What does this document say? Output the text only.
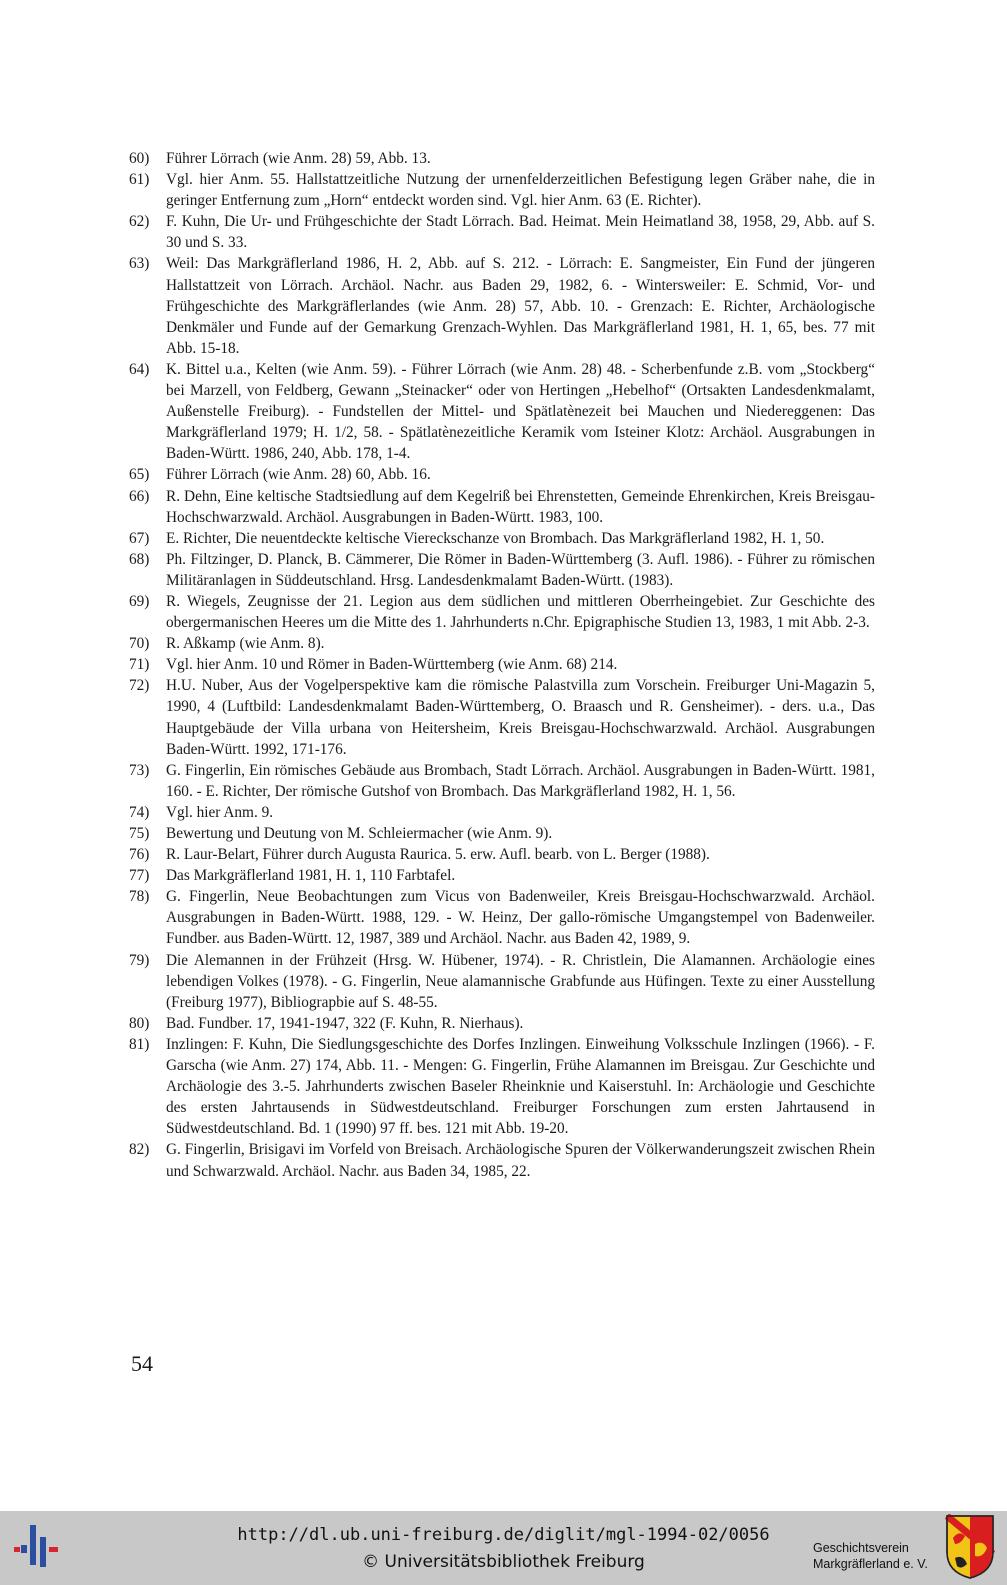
60) Führer Lörrach (wie Anm. 28) 59, Abb. 13.
61) Vgl. hier Anm. 55. Hallstattzeitliche Nutzung der urnenfelderzeitlichen Befestigung legen Gräber nahe, die in geringer Entfernung zum „Horn“ entdeckt worden sind. Vgl. hier Anm. 63 (E. Richter).
62) F. Kuhn, Die Ur- und Frühgeschichte der Stadt Lörrach. Bad. Heimat. Mein Heimatland 38, 1958, 29, Abb. auf S. 30 und S. 33.
63) Weil: Das Markgräflerland 1986, H. 2, Abb. auf S. 212. - Lörrach: E. Sangmeister, Ein Fund der jüngeren Hallstattzeit von Lörrach. Archäol. Nachr. aus Baden 29, 1982, 6. - Wintersweiler: E. Schmid, Vor- und Frühgeschichte des Markgräflerlandes (wie Anm. 28) 57, Abb. 10. - Grenzach: E. Richter, Archäologische Denkmäler und Funde auf der Gemarkung Grenzach-Wyhlen. Das Markgräflerland 1981, H. 1, 65, bes. 77 mit Abb. 15-18.
64) K. Bittel u.a., Kelten (wie Anm. 59). - Führer Lörrach (wie Anm. 28) 48. - Scherbenfunde z.B. vom „Stockberg“ bei Marzell, von Feldberg, Gewann „Steinacker“ oder von Hertingen „Hebelhof“ (Ortsakten Landesdenkmalamt, Außenstelle Freiburg). - Fundstellen der Mittel- und Spätlatènezeit bei Mauchen und Niedereggenen: Das Markgräflerland 1979; H. 1/2, 58. - Spätlatènezeitliche Keramik vom Isteiner Klotz: Archäol. Ausgrabungen in Baden-Württ. 1986, 240, Abb. 178, 1-4.
65) Führer Lörrach (wie Anm. 28) 60, Abb. 16.
66) R. Dehn, Eine keltische Stadtsiedlung auf dem Kegelriß bei Ehrenstetten, Gemeinde Ehrenkirchen, Kreis Breisgau-Hochschwarzwald. Archäol. Ausgrabungen in Baden-Württ. 1983, 100.
67) E. Richter, Die neuentdeckte keltische Viereckschanze von Brombach. Das Markgräflerland 1982, H. 1, 50.
68) Ph. Filtzinger, D. Planck, B. Cämmerer, Die Römer in Baden-Württemberg (3. Aufl. 1986). - Führer zu römischen Militäranlagen in Süddeutschland. Hrsg. Landesdenkmalamt Baden-Württ. (1983).
69) R. Wiegels, Zeugnisse der 21. Legion aus dem südlichen und mittleren Oberrheingebiet. Zur Geschichte des obergermanischen Heeres um die Mitte des 1. Jahrhunderts n.Chr. Epigraphische Studien 13, 1983, 1 mit Abb. 2-3.
70) R. Aßkamp (wie Anm. 8).
71) Vgl. hier Anm. 10 und Römer in Baden-Württemberg (wie Anm. 68) 214.
72) H.U. Nuber, Aus der Vogelperspektive kam die römische Palastvilla zum Vorschein. Freiburger Uni-Magazin 5, 1990, 4 (Luftbild: Landesdenkmalamt Baden-Württemberg, O. Braasch und R. Gensheimer). - ders. u.a., Das Hauptgebäude der Villa urbana von Heitersheim, Kreis Breisgau-Hochschwarzwald. Archäol. Ausgrabungen Baden-Württ. 1992, 171-176.
73) G. Fingerlin, Ein römisches Gebäude aus Brombach, Stadt Lörrach. Archäol. Ausgrabungen in Baden-Württ. 1981, 160. - E. Richter, Der römische Gutshof von Brombach. Das Markgräflerland 1982, H. 1, 56.
74) Vgl. hier Anm. 9.
75) Bewertung und Deutung von M. Schleiermacher (wie Anm. 9).
76) R. Laur-Belart, Führer durch Augusta Raurica. 5. erw. Aufl. bearb. von L. Berger (1988).
77) Das Markgräflerland 1981, H. 1, 110 Farbtafel.
78) G. Fingerlin, Neue Beobachtungen zum Vicus von Badenweiler, Kreis Breisgau-Hochschwarzwald. Archäol. Ausgrabungen in Baden-Württ. 1988, 129. - W. Heinz, Der gallo-römische Umgangstempel von Badenweiler. Fundber. aus Baden-Württ. 12, 1987, 389 und Archäol. Nachr. aus Baden 42, 1989, 9.
79) Die Alemannen in der Frühzeit (Hrsg. W. Hübener, 1974). - R. Christlein, Die Alamannen. Archäologie eines lebendigen Volkes (1978). - G. Fingerlin, Neue alamannische Grabfunde aus Hüfingen. Texte zu einer Ausstellung (Freiburg 1977), Bibliograpbie auf S. 48-55.
80) Bad. Fundber. 17, 1941-1947, 322 (F. Kuhn, R. Nierhaus).
81) Inzlingen: F. Kuhn, Die Siedlungsgeschichte des Dorfes Inzlingen. Einweihung Volksschule Inzlingen (1966). - F. Garscha (wie Anm. 27) 174, Abb. 11. - Mengen: G. Fingerlin, Frühe Alamannen im Breisgau. Zur Geschichte und Archäologie des 3.-5. Jahrhunderts zwischen Baseler Rheinknie und Kaiserstuhl. In: Archäologie und Geschichte des ersten Jahrtausends in Südwestdeutschland. Freiburger Forschungen zum ersten Jahrtausend in Südwestdeutschland. Bd. 1 (1990) 97 ff. bes. 121 mit Abb. 19-20.
82) G. Fingerlin, Brisigavi im Vorfeld von Breisach. Archäologische Spuren der Völkerwanderungszeit zwischen Rhein und Schwarzwald. Archäol. Nachr. aus Baden 34, 1985, 22.
54
http://dl.ub.uni-freiburg.de/diglit/mgl-1994-02/0056
© Universitätsbibliothek Freiburg
Geschichtsverein
Markgräflerland e. V.
